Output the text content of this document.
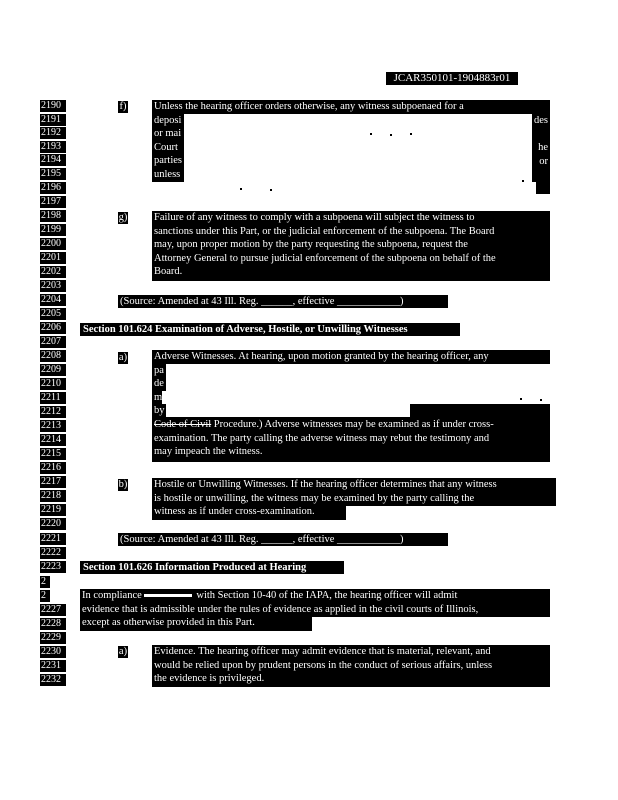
JCAR350101-1904883r01
2190
2191
2192
2193
2194
2195
2196
2197
2198
2199
2200
2201
2202
2203
2204
2205
2206
2207
2208
2209
2210
2211
2212
2213
2214
2215
2216
2217
2218
2219
2220
2221
2222
2223
2
2
2227
2228
2229
2230
2231
2232
f)	Unless the hearing officer orders otherwise, any witness subpoenaed for a

deposi

or mai

Court

parties

unless

des
he
or
g)	Failure of any witness to comply with a subpoena will subject the witness to

sanctions under this Part, or the judicial enforcement of the subpoena. The Board

may, upon proper motion by the party requesting the subpoena, request the

Attorney General to pursue judicial enforcement of the subpoena on behalf of the

Board.

(Source: Amended at 43 Ill. Reg. ______, effective ____________)
Section 101.624 Examination of Adverse, Hostile, or Unwilling Witnesses
a)	Adverse Witnesses. At hearing, upon motion granted by the hearing officer, any

pa

de

m

by

Code of Civil Procedure.) Adverse witnesses may be examined as if under cross-

examination. The party calling the adverse witness may rebut the testimony and

may impeach the witness.

b)	Hostile or Unwilling Witnesses. If the hearing officer determines that any witness

is hostile or unwilling, the witness may be examined by the party calling the

witness as if under cross-examination.

(Source: Amended at 43 Ill. Reg. ______, effective ____________)
Section 101.626 Information Produced at Hearing

In compliance	with Section 10-40 of the IAPA, the hearing officer will admit

evidence that is admissible under the rules of evidence as applied in the civil courts of Illinois,

except as otherwise provided in this Part.

a)	Evidence. The hearing officer may admit evidence that is material, relevant, and

would be relied upon by prudent persons in the conduct of serious affairs, unless

the evidence is privileged.
